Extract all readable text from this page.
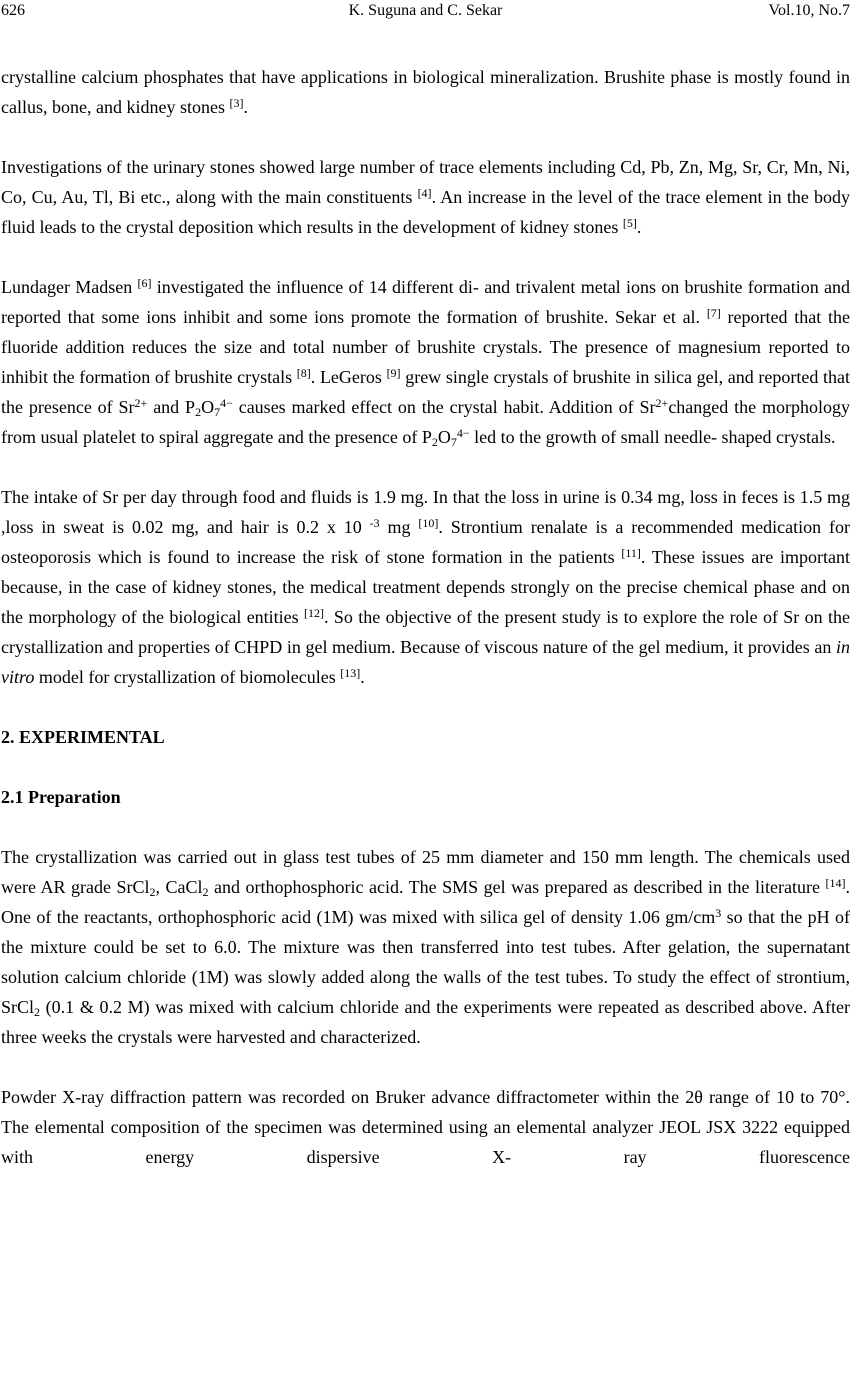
626	K. Suguna and C. Sekar	Vol.10, No.7

crystalline calcium phosphates that have applications in biological mineralization. Brushite phase is mostly found in callus, bone, and kidney stones [3].

Investigations of the urinary stones showed large number of trace elements including Cd, Pb, Zn, Mg, Sr, Cr, Mn, Ni, Co, Cu, Au, Tl, Bi etc., along with the main constituents [4]. An increase in the level of the trace element in the body fluid leads to the crystal deposition which results in the development of kidney stones [5].

Lundager Madsen [6] investigated the influence of 14 different di- and trivalent metal ions on brushite formation and reported that some ions inhibit and some ions promote the formation of brushite. Sekar et al. [7] reported that the fluoride addition reduces the size and total number of brushite crystals. The presence of magnesium reported to inhibit the formation of brushite crystals [8]. LeGeros [9] grew single crystals of brushite in silica gel, and reported that the presence of $Sr^{2+}$ and $P_2O_7^{4-}$ causes marked effect on the crystal habit. Addition of $Sr^{2+}changed$ the morphology from usual platelet to spiral aggregate and the presence of $P_2O_7^{4-}$ led to the growth of small needle- shaped crystals.

The intake of Sr per day through food and fluids is 1.9 mg. In that the loss in urine is 0.34 mg, loss in feces is 1.5 mg ,loss in sweat is 0.02 mg, and hair is 0.2 x 10 $^{-3}$ mg [10]. Strontium renalate is a recommended medication for osteoporosis which is found to increase the risk of stone formation in the patients [11]. These issues are important because, in the case of kidney stones, the medical treatment depends strongly on the precise chemical phase and on the morphology of the biological entities [12]. So the objective of the present study is to explore the role of Sr on the crystallization and properties of CHPD in gel medium. Because of viscous nature of the gel medium, it provides an in vitro model for crystallization of biomolecules [13].

2. EXPERIMENTAL
2.1 Preparation

The crystallization was carried out in glass test tubes of 25 mm diameter and 150 mm length. The chemicals used were AR grade SrCl$_2$, CaCl$_2$ and orthophosphoric acid. The SMS gel was prepared as described in the literature [14]. One of the reactants, orthophosphoric acid (1M) was mixed with silica gel of density 1.06 $gm/cm^3$ so that the pH of the mixture could be set to 6.0. The mixture was then transferred into test tubes. After gelation, the supernatant solution calcium chloride (1M) was slowly added along the walls of the test tubes. To study the effect of strontium, SrCl$_2$ (0.1 & 0.2 M) was mixed with calcium chloride and the experiments were repeated as described above. After three weeks the crystals were harvested and characterized.

Powder X-ray diffraction pattern was recorded on Bruker advance diffractometer within the 2θ range of 10 to 70°. The elemental composition of the specimen was determined using an elemental analyzer JEOL JSX 3222 equipped with energy dispersive X- ray fluorescence
